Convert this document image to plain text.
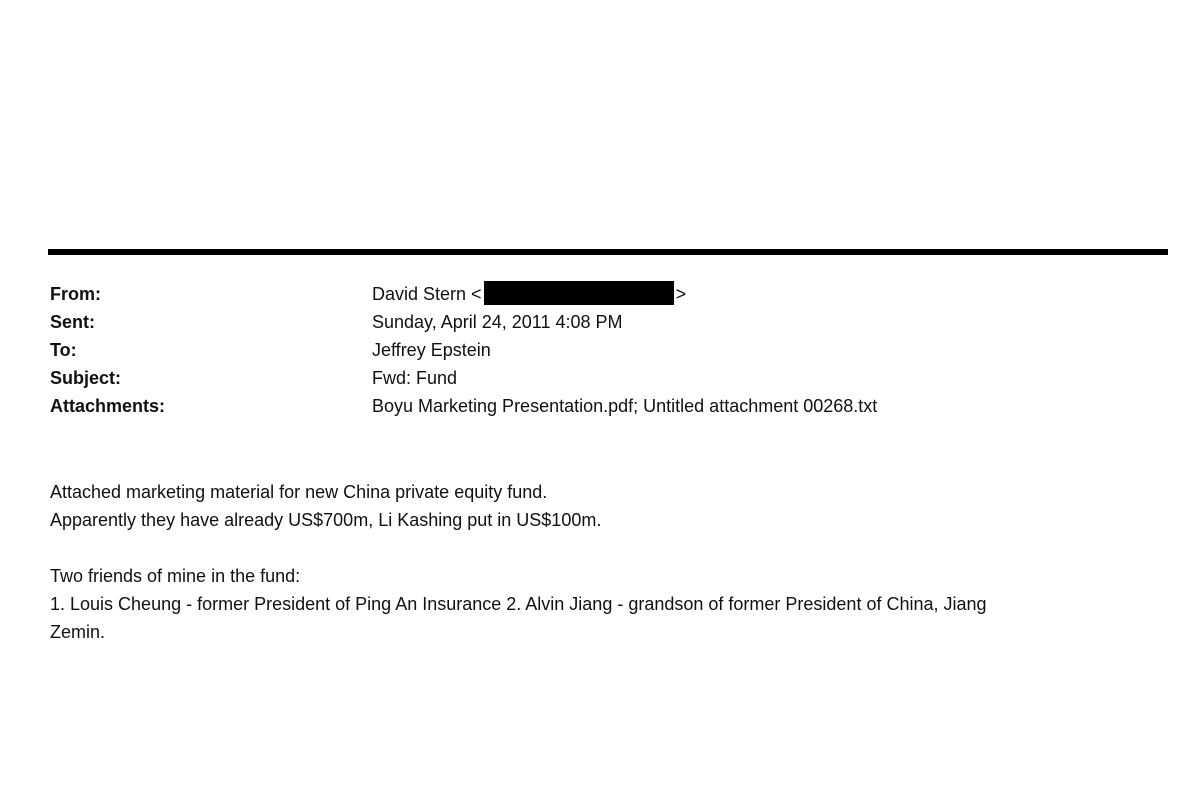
From:	David Stern <	>
Sent:	Sunday, April 24, 2011 4:08 PM
To:	Jeffrey Epstein
Subject:	Fwd: Fund
Attachments:	Boyu Marketing Presentation.pdf; Untitled attachment 00268.txt

Attached marketing material for new China private equity fund.
Apparently they have already US$700m, Li Kashing put in US$100m.

Two friends of mine in the fund:
1. Louis Cheung - former President of Ping An Insurance 2. Alvin Jiang - grandson of former President of China, Jiang
Zemin.
